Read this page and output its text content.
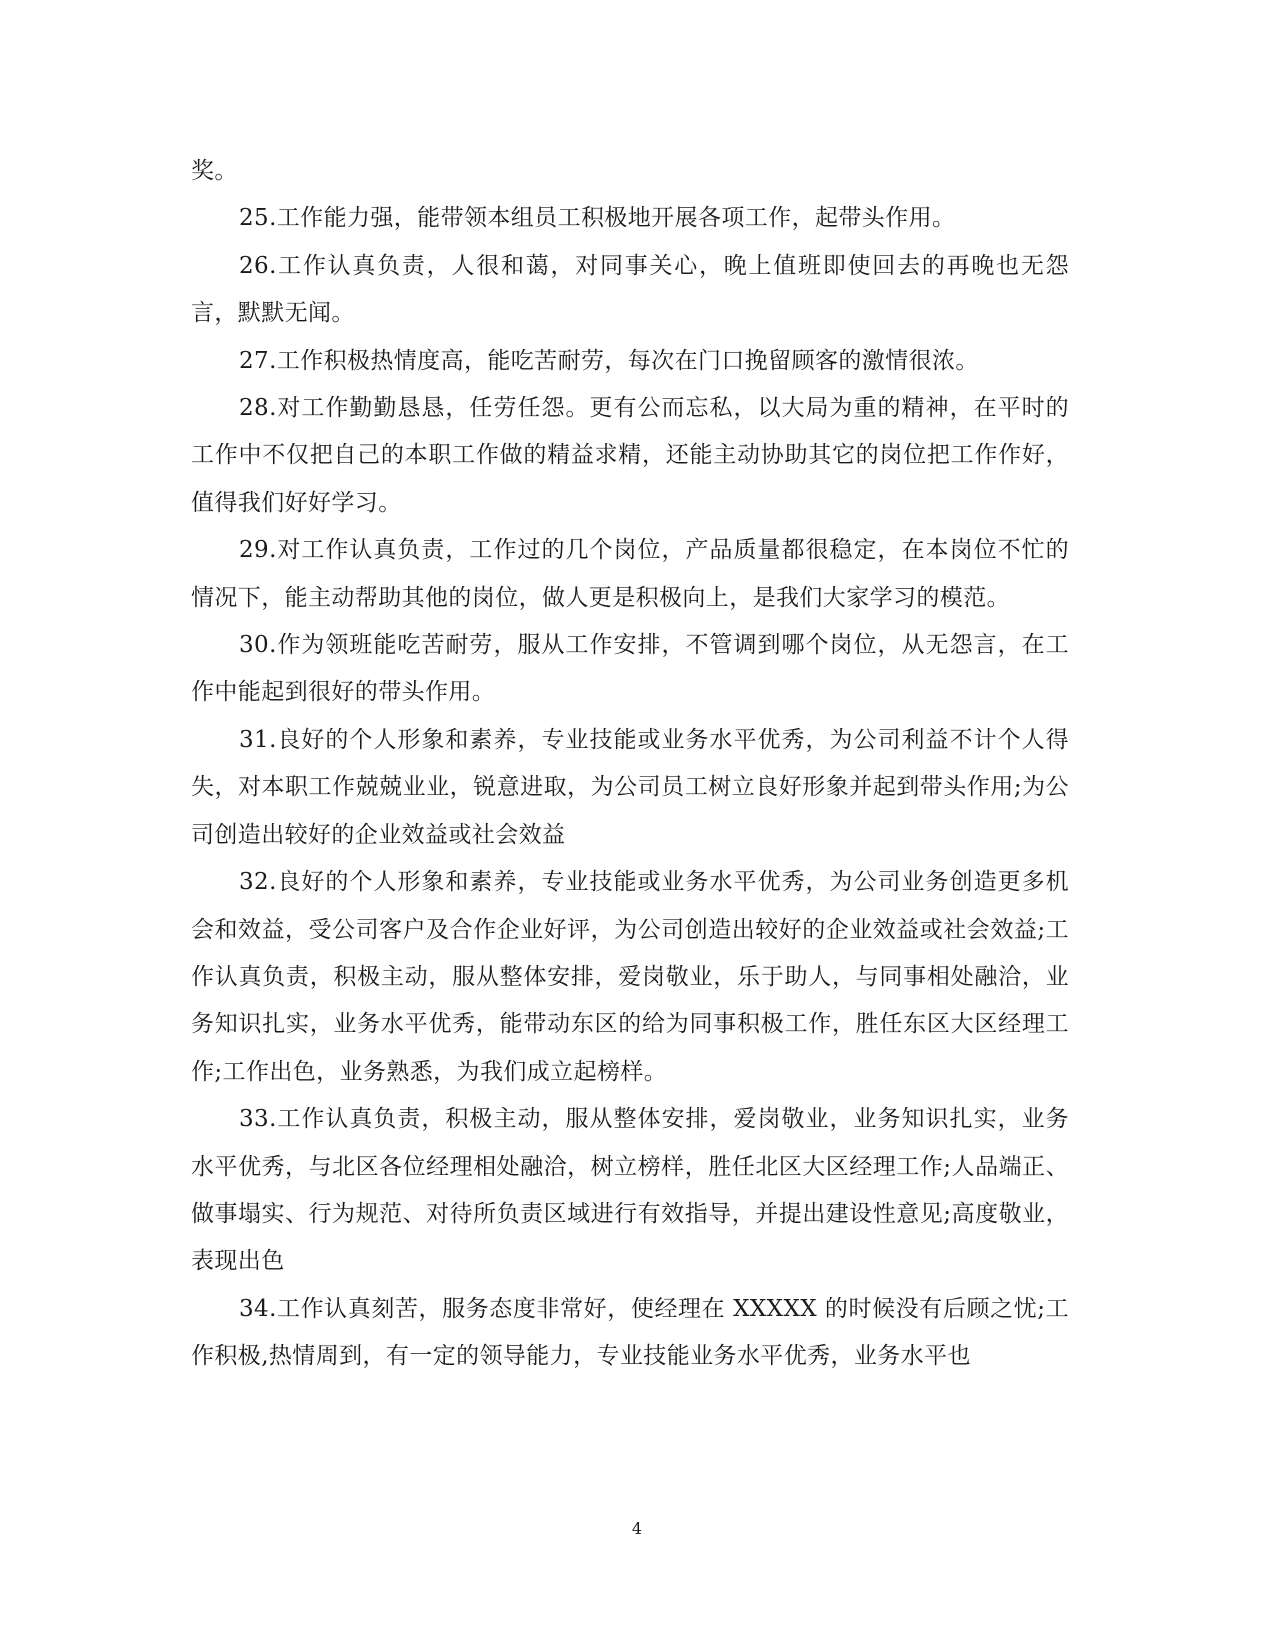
奖。

25.工作能力强，能带领本组员工积极地开展各项工作，起带头作用。

26.工作认真负责，人很和蔼，对同事关心，晚上值班即使回去的再晚也无怨言，默默无闻。

27.工作积极热情度高，能吃苦耐劳，每次在门口挽留顾客的激情很浓。

28.对工作勤勤恳恳，任劳任怨。更有公而忘私，以大局为重的精神，在平时的工作中不仅把自己的本职工作做的精益求精，还能主动协助其它的岗位把工作作好，值得我们好好学习。

29.对工作认真负责，工作过的几个岗位，产品质量都很稳定，在本岗位不忙的情况下，能主动帮助其他的岗位，做人更是积极向上，是我们大家学习的模范。

30.作为领班能吃苦耐劳，服从工作安排，不管调到哪个岗位，从无怨言，在工作中能起到很好的带头作用。

31.良好的个人形象和素养，专业技能或业务水平优秀，为公司利益不计个人得失，对本职工作兢兢业业，锐意进取，为公司员工树立良好形象并起到带头作用;为公司创造出较好的企业效益或社会效益

32.良好的个人形象和素养，专业技能或业务水平优秀，为公司业务创造更多机会和效益，受公司客户及合作企业好评，为公司创造出较好的企业效益或社会效益;工作认真负责，积极主动，服从整体安排，爱岗敬业，乐于助人，与同事相处融洽，业务知识扎实，业务水平优秀，能带动东区的给为同事积极工作，胜任东区大区经理工作;工作出色，业务熟悉，为我们成立起榜样。

33.工作认真负责，积极主动，服从整体安排，爱岗敬业，业务知识扎实，业务水平优秀，与北区各位经理相处融洽，树立榜样，胜任北区大区经理工作;人品端正、做事塌实、行为规范、对待所负责区域进行有效指导，并提出建设性意见;高度敬业，表现出色

34.工作认真刻苦，服务态度非常好，使经理在 XXXXX 的时候没有后顾之忧;工作积极,热情周到，有一定的领导能力，专业技能业务水平优秀，业务水平也

4
